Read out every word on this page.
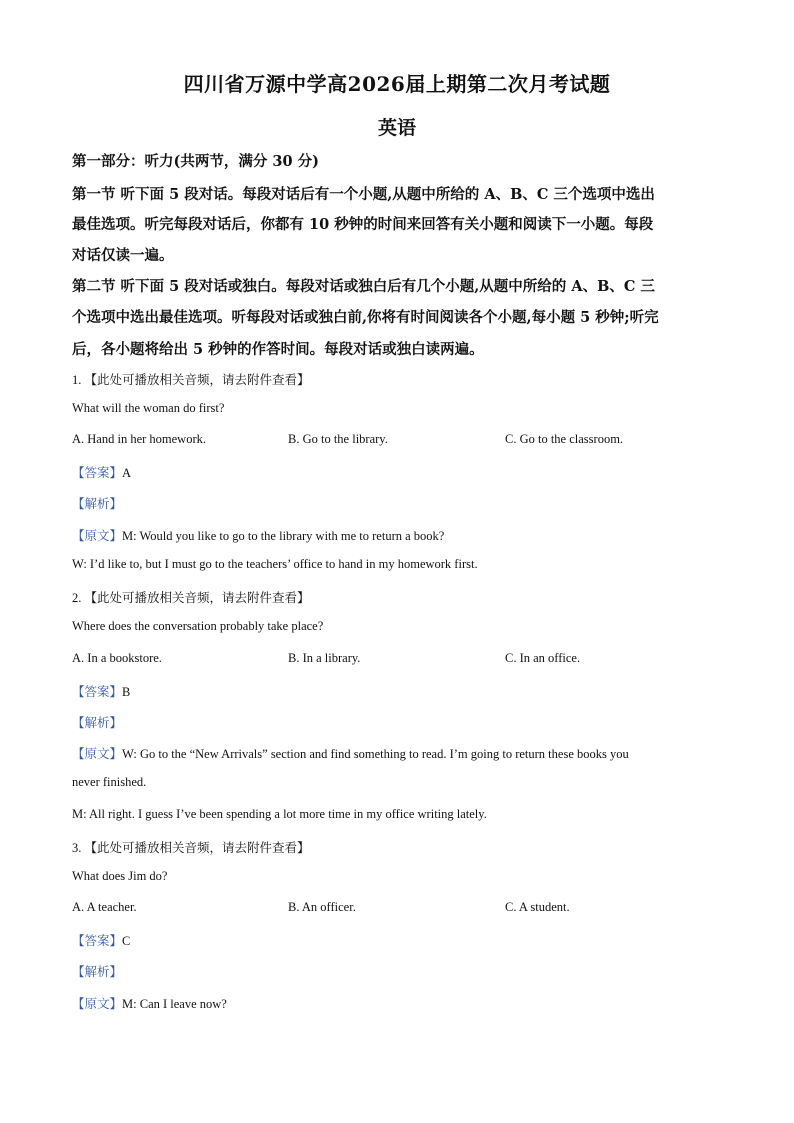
四川省万源中学高2026届上期第二次月考试题
英语
第一部分：听力(共两节，满分 30 分)
第一节 听下面 5 段对话。每段对话后有一个小题,从题中所给的 A、B、C 三个选项中选出
最佳选项。听完每段对话后，你都有 10 秒钟的时间来回答有关小题和阅读下一小题。每段
对话仅读一遍。
第二节 听下面 5 段对话或独白。每段对话或独白后有几个小题,从题中所给的 A、B、C 三
个选项中选出最佳选项。听每段对话或独白前,你将有时间阅读各个小题,每小题 5 秒钟;听完
后，各小题将给出 5 秒钟的作答时间。每段对话或独白读两遍。
1. 【此处可播放相关音频，请去附件查看】
What will the woman do first?
A. Hand in her homework.	B. Go to the library.	C. Go to the classroom.
【答案】A
【解析】
【原文】M: Would you like to go to the library with me to return a book?
W: I’d like to, but I must go to the teachers’ office to hand in my homework first.
2. 【此处可播放相关音频，请去附件查看】
Where does the conversation probably take place?
A. In a bookstore.	B. In a library.	C. In an office.
【答案】B
【解析】
【原文】W: Go to the “New Arrivals” section and find something to read. I’m going to return these books you
never finished.
M: All right. I guess I’ve been spending a lot more time in my office writing lately.
3. 【此处可播放相关音频，请去附件查看】
What does Jim do?
A. A teacher.	B. An officer.	C. A student.
【答案】C
【解析】
【原文】M: Can I leave now?
